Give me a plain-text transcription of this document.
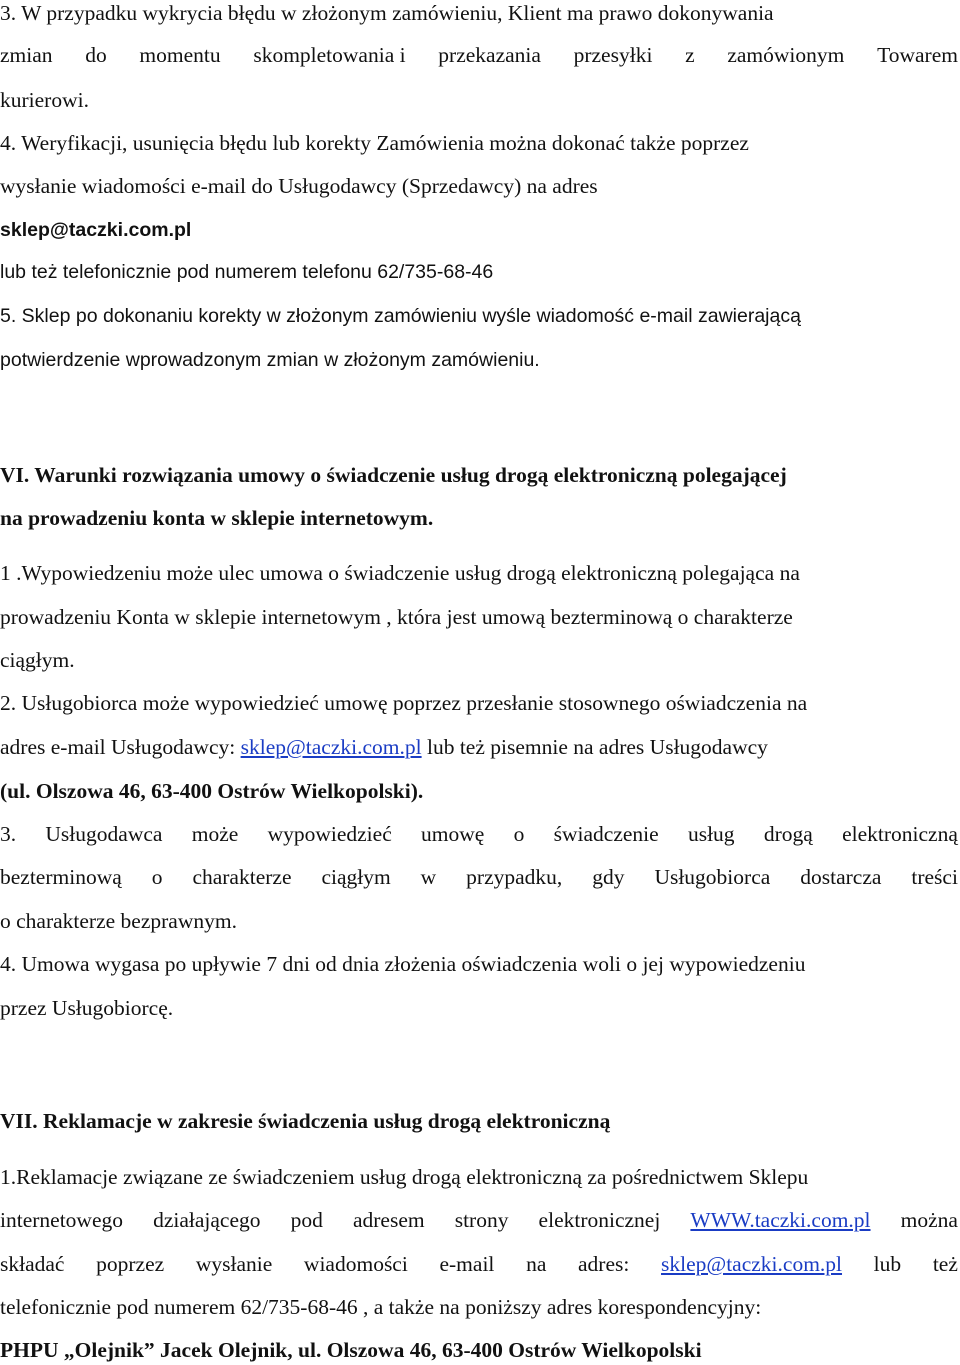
3. W przypadku wykrycia błędu w złożonym zamówieniu, Klient ma prawo dokonywania
zmian do momentu skompletowania i przekazania przesyłki z zamówionym Towarem
kurierowi.
4. Weryfikacji, usunięcia błędu lub korekty Zamówienia można dokonać także poprzez
wysłanie wiadomości e-mail do Usługodawcy (Sprzedawcy) na adres
sklep@taczki.com.pl
lub też telefonicznie pod numerem telefonu 62/735-68-46
5. Sklep po dokonaniu korekty w złożonym zamówieniu wyśle wiadomość e-mail zawierającą
potwierdzenie wprowadzonym zmian w złożonym zamówieniu.
VI. Warunki rozwiązania umowy o świadczenie usług drogą elektroniczną polegającej
na prowadzeniu konta w sklepie internetowym.
1 .Wypowiedzeniu może ulec umowa o świadczenie usług drogą elektroniczną polegająca na
prowadzeniu Konta w sklepie internetowym , która jest umową bezterminową o charakterze
ciągłym.
2. Usługobiorca może wypowiedzieć umowę poprzez przesłanie stosownego oświadczenia na
adres e-mail Usługodawcy: sklep@taczki.com.pl lub też pisemnie na adres Usługodawcy
(ul. Olszowa 46, 63-400 Ostrów Wielkopolski).
3. Usługodawca może wypowiedzieć umowę o świadczenie usług drogą elektroniczną
bezterminową o charakterze ciągłym w przypadku, gdy Usługobiorca dostarcza treści
o charakterze bezprawnym.
4. Umowa wygasa po upływie 7 dni od dnia złożenia oświadczenia woli o jej wypowiedzeniu
przez Usługobiorcę.
VII. Reklamacje w zakresie świadczenia usług drogą elektroniczną
1.Reklamacje związane ze świadczeniem usług drogą elektroniczną za pośrednictwem Sklepu
internetowego działającego pod adresem strony elektronicznej WWW.taczki.com.pl można
składać poprzez wysłanie wiadomości e-mail na adres: sklep@taczki.com.pl lub też
telefonicznie pod numerem 62/735-68-46 , a także na poniższy adres korespondencyjny:
PHPU „Olejnik” Jacek Olejnik, ul. Olszowa 46, 63-400 Ostrów Wielkopolski
